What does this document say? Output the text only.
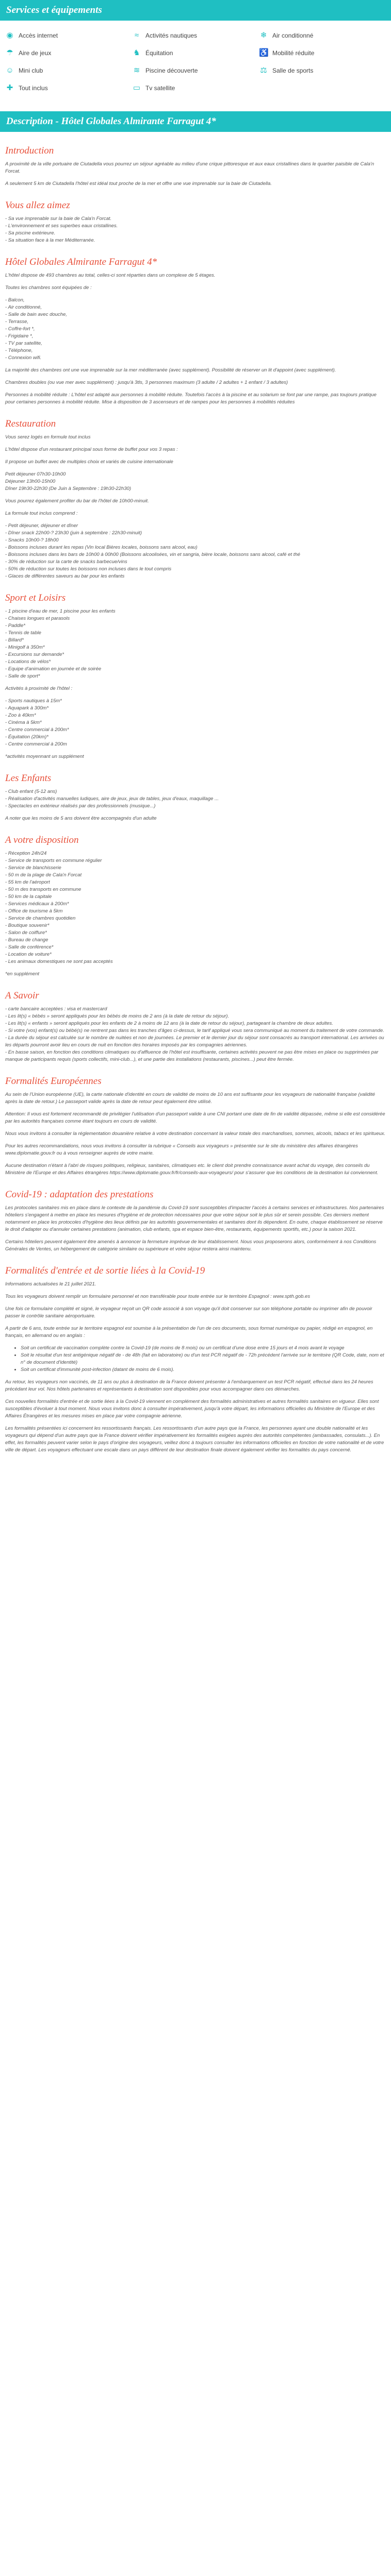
Services et équipements
◉ Accès internet	≈	Activités nautiques	❄ Air conditionné
☂ Aire de jeux	♞ Équitation	♿ Mobilité réduite
☺ Mini club	≋ Piscine découverte	⚖ Salle de sports
✚ Tout inclus	▭ Tv satellite
Description - Hôtel Globales Almirante Farragut 4*
Introduction

A proximité de la ville portuaire de Ciutadella vous pourrez un séjour agréable au milieu d'une crique pittoresque et aux eaux cristallines dans le quartier paisible de Cala'n Forcat.

A seulement 5 km de Ciutadella l'hôtel est idéal tout proche de la mer et offre une vue imprenable sur la baie de Ciutadella.

Vous allez aimez
- Sa vue imprenable sur la baie de Cala'n Forcat.
- L'environnement et ses superbes eaux cristallines.
- Sa piscine extérieure.
- Sa situation face à la mer Méditerranée.
Hôtel Globales Almirante Farragut 4*

L'hôtel dispose de 493 chambres au total, celles-ci sont réparties dans un complexe de 5 étages.

Toutes les chambres sont équipées de :

- Balcon,
- Air conditionné,
- Salle de bain avec douche,
- Terrasse,
- Coffre-fort *,
- Frigidaire *,
- TV par satellite,
- Téléphone,
- Connexion wifi.

La majorité des chambres ont une vue imprenable sur la mer méditerranée (avec supplément). Possibilité de réserver un lit d'appoint (avec supplément).

Chambres doubles (ou vue mer avec supplément) : jusqu'à 3tls, 3 personnes maximum (3 adulte / 2 adultes + 1 enfant / 3 adultes)

Personnes à mobilité réduite : L'hôtel est adapté aux personnes à mobilité réduite. Toutefois l'accès à la piscine et au solarium se font par une rampe, pas toujours pratique pour certaines personnes à mobilité réduite. Mise à disposition de 3 ascenseurs et de rampes pour les personnes à mobilités réduites

Restauration

Vous serez logés en formule tout inclus

L'hôtel dispose d'un restaurant principal sous forme de buffet pour vos 3 repas :

Il propose un buffet avec de multiples choix et variés de cuisine internationale

Petit déjeuner 07h30-10h00
Déjeuner 13h00-15h00
Dîner 19h30-22h30 (De Juin à Septembre : 19h30-22h30)

Vous pourrez également profiter du bar de l'hôtel de 10h00-minuit.

La formule tout inclus comprend :

- Petit déjeuner, déjeuner et dîner
- Dîner snack 22h00-? 23h30 (juin à septembre : 22h30-minuit)
- Snacks 10h00-? 18h00
- Boissons incluses durant les repas (Vin local Bières locales, boissons sans alcool, eau)
- Boissons incluses dans les bars de 10h00 à 00h00 (Boissons alcoolisées, vin et sangria, bière locale, boissons sans alcool, café et thé
- 30% de réduction sur la carte de snacks barbecue/vins
- 50% de réduction sur toutes les boissons non incluses dans le tout compris
- Glaces de différentes saveurs au bar pour les enfants
Sport et Loisirs
- 1 piscine d'eau de mer, 1 piscine pour les enfants
- Chaises longues et parasols
- Paddle*
- Tennis de table
- Billard*
- Minigolf à 350m*
- Excursions sur demande*
- Locations de vélos*
- Equipe d'animation en journée et de soirée
- Salle de sport*

Activités à proximité de l'hôtel :

- Sports nautiques à 15m*
- Aquapark à 300m*
- Zoo à 40km*
- Cinéma à 5km*
- Centre commercial à 200m*
- Équitation (20km)*
- Centre commercial à 200m

*activités moyennant un supplément

Les Enfants
- Club enfant (5-12 ans)
- Réalisation d'activités manuelles ludiques, aire de jeux, jeux de tables, jeux d'eaux, maquillage ...
- Spectacles en extérieur réalisés par des professionnels (musique...)

A noter que les moins de 5 ans doivent être accompagnés d'un adulte

A votre disposition
- Réception 24h/24
- Service de transports en commune régulier
- Service de blanchisserie
- 50 m de la plage de Cala'n Forcat
- 55 km de l'aéroport
- 50 m des transports en commune
- 50 km de la capitale
- Services médicaux à 200m*
- Office de tourisme à 5km
- Service de chambres quotidien
- Boutique souvenir*
- Salon de coiffure*
- Bureau de change
- Salle de conférence*
- Location de voiture*
- Les animaux domestiques ne sont pas acceptés

*en supplément

A Savoir
- carte bancaire acceptées : visa et mastercard
- Les lit(s) « bébés » seront appliqués pour les bébés de moins de 2 ans (à la date de retour du séjour).
- Les lit(s) « enfants » seront appliqués pour les enfants de 2 à moins de 12 ans (à la date de retour du séjour), partageant la chambre de deux adultes.
- Si votre (vos) enfant(s) ou bébé(s) ne rentrent pas dans les tranches d'âges ci-dessus, le tarif appliqué vous sera communiqué au moment du traitement de votre commande.
- La durée du séjour est calculée sur le nombre de nuitées et non de journées. Le premier et le dernier jour du séjour sont consacrés au transport international. Les arrivées ou les départs pourront avoir lieu en cours de nuit en fonction des horaires imposés par les compagnies aériennes.
- En basse saison, en fonction des conditions climatiques ou d'affluence de l'hôtel est insuffisante, certaines activités peuvent ne pas être mises en place ou supprimées par manque de participants requis (sports collectifs, mini-club...), et une partie des installations (restaurants, piscines...) peut être fermée.
Formalités Européennes

Au sein de l'Union européenne (UE), la carte nationale d'identité en cours de validité de moins de 10 ans est suffisante pour les voyageurs de nationalité française (validité après la date de retour.) Le passeport valide après la date de retour peut également être utilisé.

Attention: Il vous est fortement recommandé de privilégier l'utilisation d'un passeport valide à une CNI portant une date de fin de validité dépassée, même si elle est considérée par les autorités françaises comme étant toujours en cours de validité.

Nous vous invitons à consulter la réglementation douanière relative à votre destination concernant la valeur totale des marchandises, sommes, alcools, tabacs et les spiritueux.

Pour les autres recommandations, nous vous invitons à consulter la rubrique « Conseils aux voyageurs » présentée sur le site du ministère des affaires étrangères www.diplomatie.gouv.fr ou à vous renseigner auprès de votre mairie.

Aucune destination n'étant à l'abri de risques politiques, religieux, sanitaires, climatiques etc. le client doit prendre connaissance avant achat du voyage, des conseils du Ministère de l'Europe et des Affaires étrangères https://www.diplomatie.gouv.fr/fr/conseils-aux-voyageurs/ pour s'assurer que les conditions de la destination lui conviennent.

Covid-19 : adaptation des prestations

Les protocoles sanitaires mis en place dans le contexte de la pandémie du Covid-19 sont susceptibles d'impacter l'accès à certains services et infrastructures. Nos partenaires hôteliers s'engagent à mettre en place les mesures d'hygiène et de protection nécessaires pour que votre séjour soit le plus sûr et serein possible. Ces derniers mettent notamment en place les protocoles d'hygiène des lieux définis par les autorités gouvernementales et sanitaires dont ils dépendent. En outre, chaque établissement se réserve le droit d'adapter ou d'annuler certaines prestations (animation, club enfants, spa et espace bien-être, restaurants, équipements sportifs, etc.) pour la saison 2021.

Certains hôteliers peuvent également être amenés à annoncer la fermeture imprévue de leur établissement. Nous vous proposerons alors, conformément à nos Conditions Générales de Ventes, un hébergement de catégorie similaire ou supérieure et votre séjour restera ainsi maintenu.

Formalités d'entrée et de sortie liées à la Covid-19

Informations actualisées le 21 juillet 2021.

Tous les voyageurs doivent remplir un formulaire personnel et non transférable pour toute entrée sur le territoire Espagnol : www.spth.gob.es

Une fois ce formulaire complété et signé, le voyageur reçoit un QR code associé à son voyage qu'il doit conserver sur son téléphone portable ou imprimer afin de pouvoir passer le contrôle sanitaire aéroportuaire.

A partir de 6 ans, toute entrée sur le territoire espagnol est soumise à la présentation de l'un de ces documents, sous format numérique ou papier, rédigé en espagnol, en français, en allemand ou en anglais :

• Soit un certificat de vaccination complète contre la Covid-19 (de moins de 8 mois) ou un certificat d'une dose entre 15 jours et 4 mois avant le voyage
• Soit le résultat d'un test antigénique négatif de - de 48h (fait en laboratoire) ou d'un test PCR négatif de - 72h précédent l'arrivée sur le territoire (QR Code, date, nom et n° de document d'identité)
• Soit un certificat d'immunité post-infection (datant de moins de 6 mois).

Au retour, les voyageurs non vaccinés, de 11 ans ou plus à destination de la France doivent présenter à l'embarquement un test PCR négatif, effectué dans les 24 heures précédant leur vol. Nos hôtels partenaires et représentants à destination sont disponibles pour vous accompagner dans ces démarches.

Ces nouvelles formalités d'entrée et de sortie liées à la Covid-19 viennent en complément des formalités administratives et autres formalités sanitaires en vigueur. Elles sont susceptibles d'évoluer à tout moment. Nous vous invitons donc à consulter impérativement, jusqu'à votre départ, les informations officielles du Ministère de l'Europe et des Affaires Étrangères et les mesures mises en place par votre compagnie aérienne.

Les formalités présentées ici concernent les ressortissants français. Les ressortissants d'un autre pays que la France, les personnes ayant une double nationalité et les voyageurs qui dépend d'un autre pays que la France doivent vérifier impérativement les formalités exigées auprès des autorités compétentes (ambassades, consulats...). En effet, les formalités peuvent varier selon le pays d'origine des voyageurs, veillez donc à toujours consulter les informations officielles en fonction de votre nationalité et de votre ville de départ. Les voyageurs effectuant une escale dans un pays différent de leur destination finale doivent également vérifier les formalités du pays concerné.
